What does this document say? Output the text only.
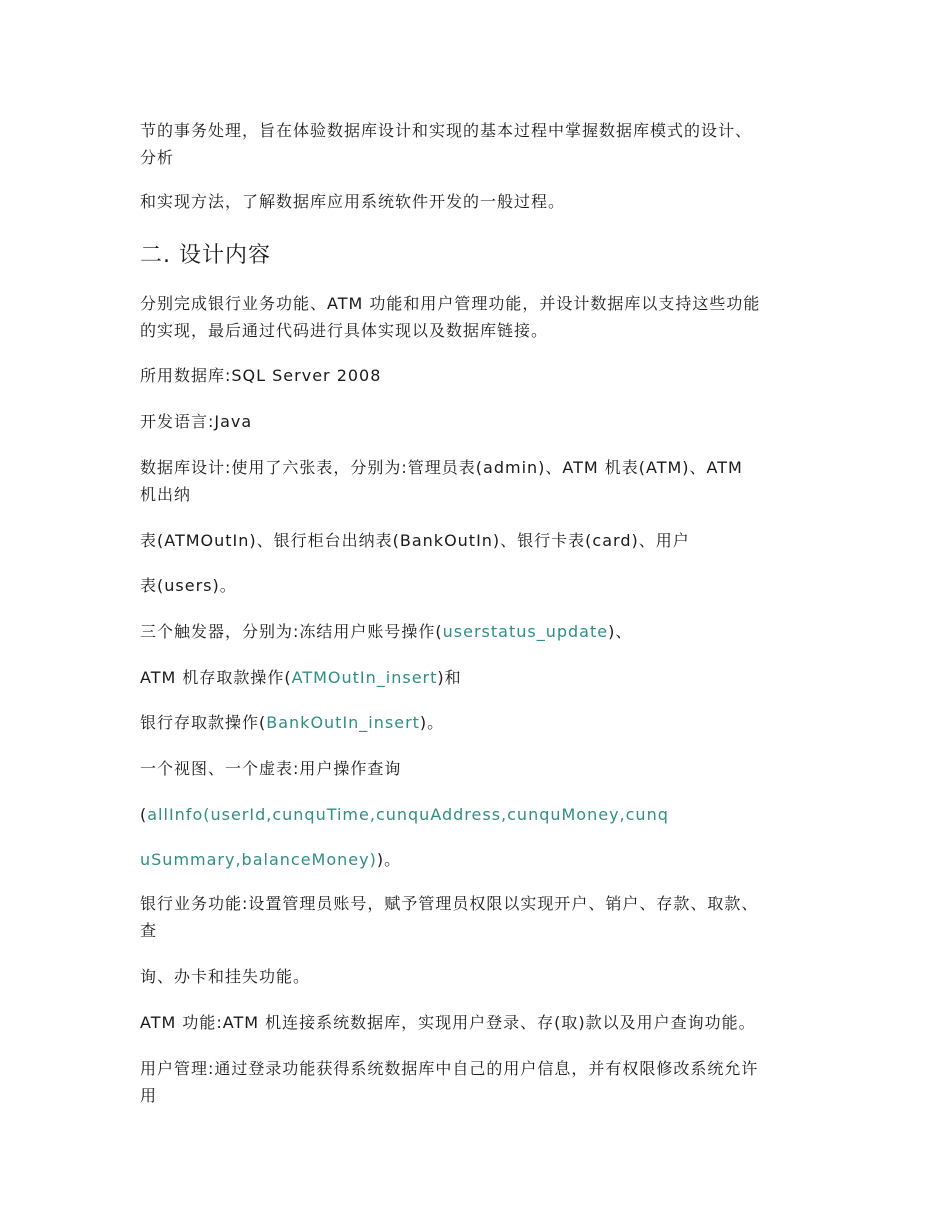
节的事务处理，旨在体验数据库设计和实现的基本过程中掌握数据库模式的设计、
分析

和实现方法，了解数据库应用系统软件开发的一般过程。

二. 设计内容

分别完成银行业务功能、ATM 功能和用户管理功能，并设计数据库以支持这些功能
的实现，最后通过代码进行具体实现以及数据库链接。

所用数据库:SQL Server 2008

开发语言:Java

数据库设计:使用了六张表，分别为:管理员表(admin)、ATM 机表(ATM)、ATM
机出纳

表(ATMOutIn)、银行柜台出纳表(BankOutIn)、银行卡表(card)、用户

表(users)。

三个触发器，分别为:冻结用户账号操作(userstatus_update)、

ATM 机存取款操作(ATMOutIn_insert)和

银行存取款操作(BankOutIn_insert)。

一个视图、一个虚表:用户操作查询

(allInfo(userId,cunquTime,cunquAddress,cunquMoney,cunq

uSummary,balanceMoney))。

银行业务功能:设置管理员账号，赋予管理员权限以实现开户、销户、存款、取款、
查

询、办卡和挂失功能。

ATM 功能:ATM 机连接系统数据库，实现用户登录、存(取)款以及用户查询功能。

用户管理:通过登录功能获得系统数据库中自己的用户信息，并有权限修改系统允许
用
